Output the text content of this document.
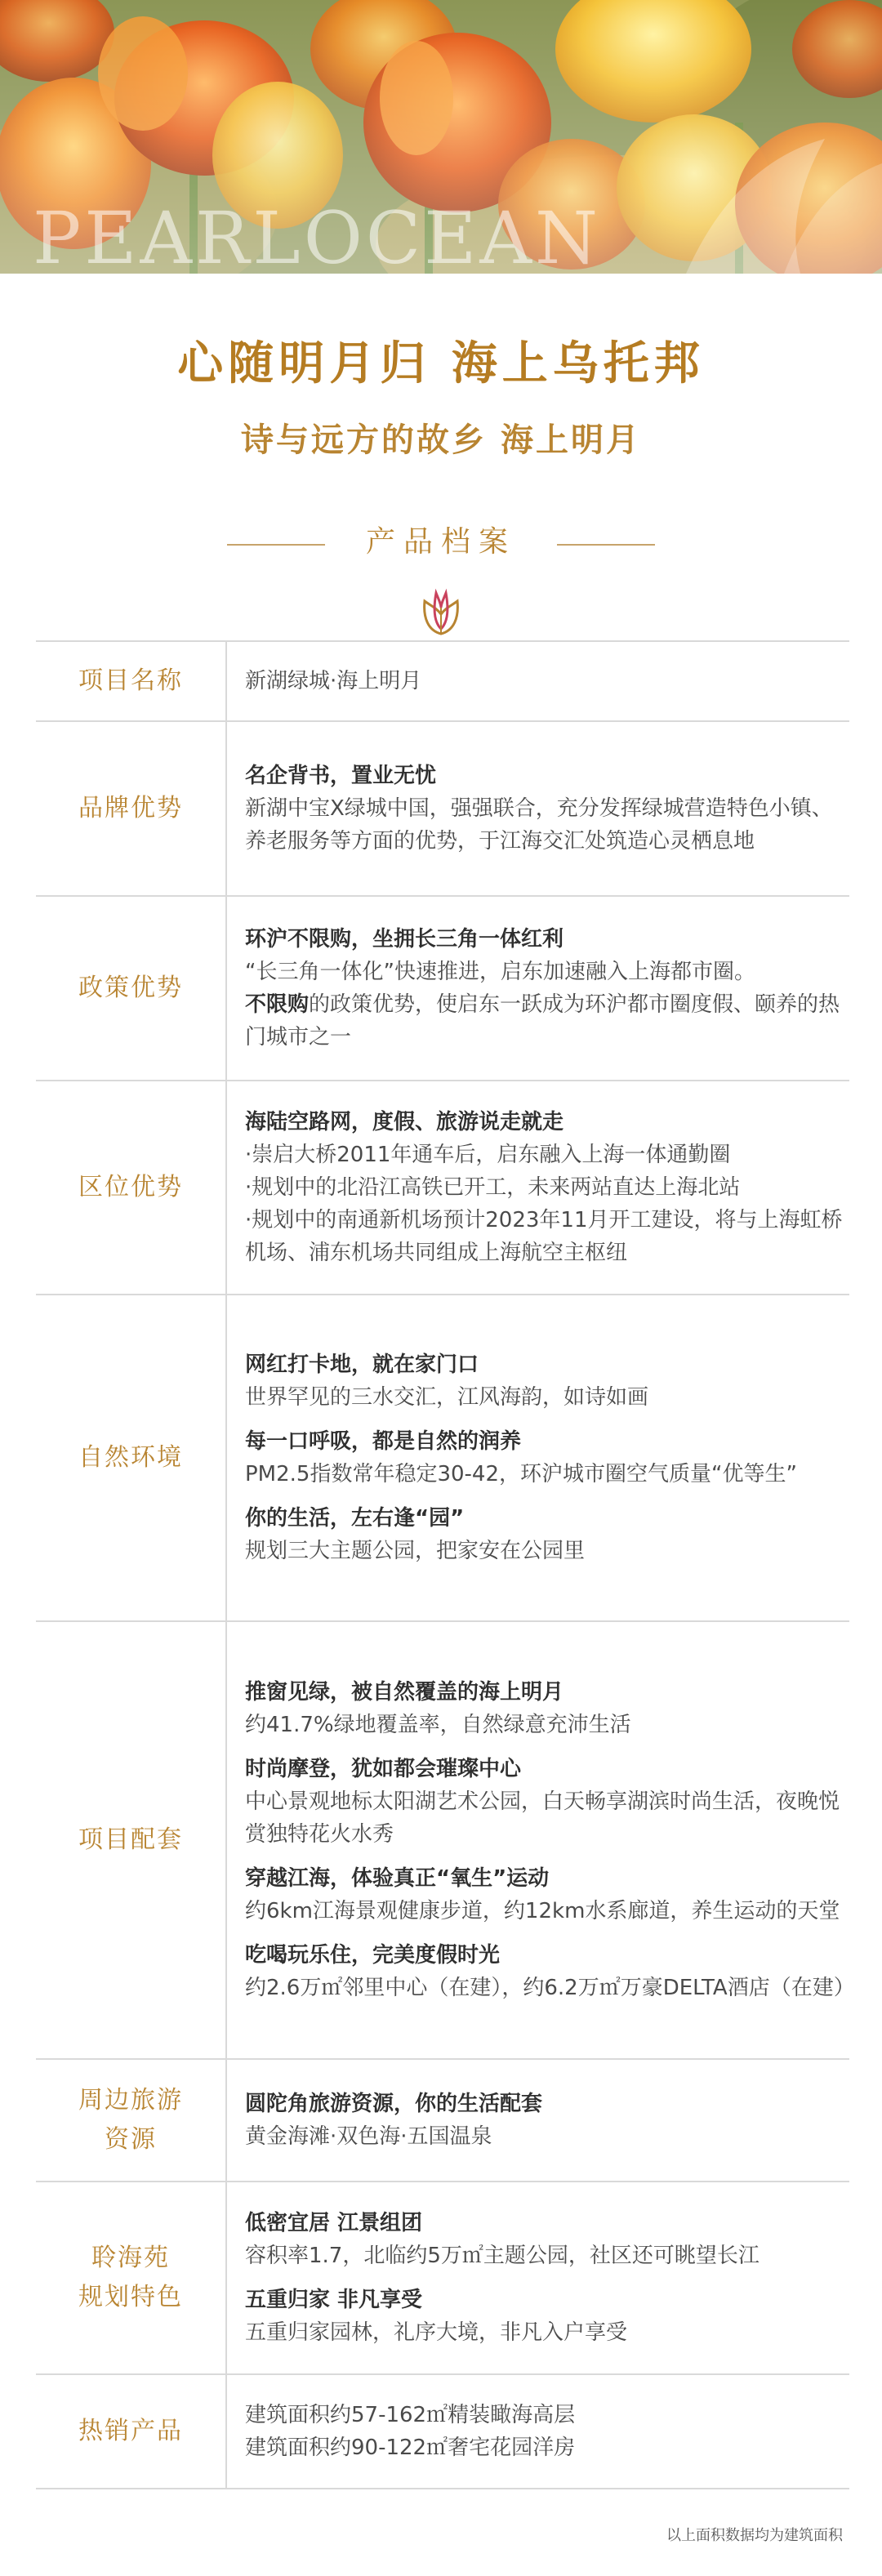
PEARLOCEAN
心随明月归 海上乌托邦
诗与远方的故乡 海上明月
产品档案
项目名称	新湖绿城·海上明月
品牌优势
名企背书，置业无忧
新湖中宝X绿城中国，强强联合，充分发挥绿城营造特色小镇、养老服务等方面的优势，于江海交汇处筑造心灵栖息地
政策优势
环沪不限购，坐拥长三角一体红利
“长三角一体化”快速推进，启东加速融入上海都市圈。
不限购的政策优势，使启东一跃成为环沪都市圈度假、颐养的热门城市之一
区位优势
海陆空路网，度假、旅游说走就走
·崇启大桥2011年通车后，启东融入上海一体通勤圈
·规划中的北沿江高铁已开工，未来两站直达上海北站
·规划中的南通新机场预计2023年11月开工建设，将与上海虹桥机场、浦东机场共同组成上海航空主枢纽
自然环境
网红打卡地，就在家门口
世界罕见的三水交汇，江风海韵，如诗如画
每一口呼吸，都是自然的润养
PM2.5指数常年稳定30-42，环沪城市圈空气质量“优等生”
你的生活，左右逢“园”
规划三大主题公园，把家安在公园里
项目配套
推窗见绿，被自然覆盖的海上明月
约41.7%绿地覆盖率，自然绿意充沛生活
时尚摩登，犹如都会璀璨中心
中心景观地标太阳湖艺术公园，白天畅享湖滨时尚生活，夜晚悦赏独特花火水秀
穿越江海，体验真正“氧生”运动
约6km江海景观健康步道，约12km水系廊道，养生运动的天堂
吃喝玩乐住，完美度假时光
约2.6万㎡邻里中心（在建），约6.2万㎡万豪DELTA酒店（在建）
周边旅游
资源
圆陀角旅游资源，你的生活配套
黄金海滩·双色海·五国温泉
聆海苑
规划特色
低密宜居 江景组团
容积率1.7，北临约5万㎡主题公园，社区还可眺望长江
五重归家 非凡享受
五重归家园林，礼序大境，非凡入户享受
热销产品
建筑面积约57-162㎡精装瞰海高层
建筑面积约90-122㎡奢宅花园洋房
以上面积数据均为建筑面积
